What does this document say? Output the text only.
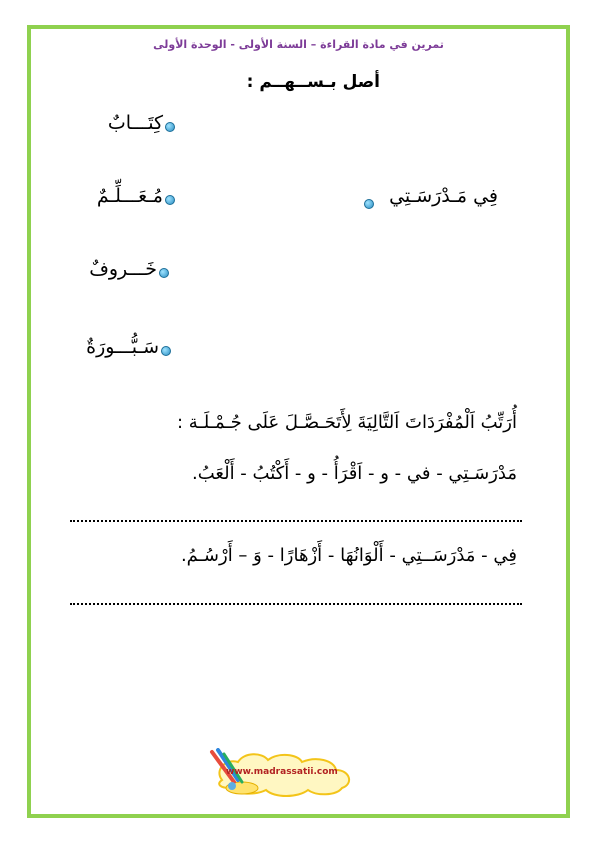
تمرين في مادة القراءة – السنة الأولى - الوحدة الأولى
أصل بـســهــم :
كِتَـــابٌ
مُـعَـــلِّـمٌ
خَـــروفٌ
سَـبُّـــورَةٌ
فِي مَـدْرَسَـتِي
أُرَتِّبُ اَلْمُفْرَدَاتَ اَلتَّالِيَةَ لِأَتَحَـصَّـلَ عَلَى جُـمْـلَـة :
مَدْرَسَـتِي - في - و - اَقْرَأُ - و - أَكْتُبُ - أَلْعَبُ.
فِي - مَدْرَسَــتِي - أَلْوَانُهَا - أَزْهَارًا - وَ – أَرْسُـمُ.
www.madrassatii.com
